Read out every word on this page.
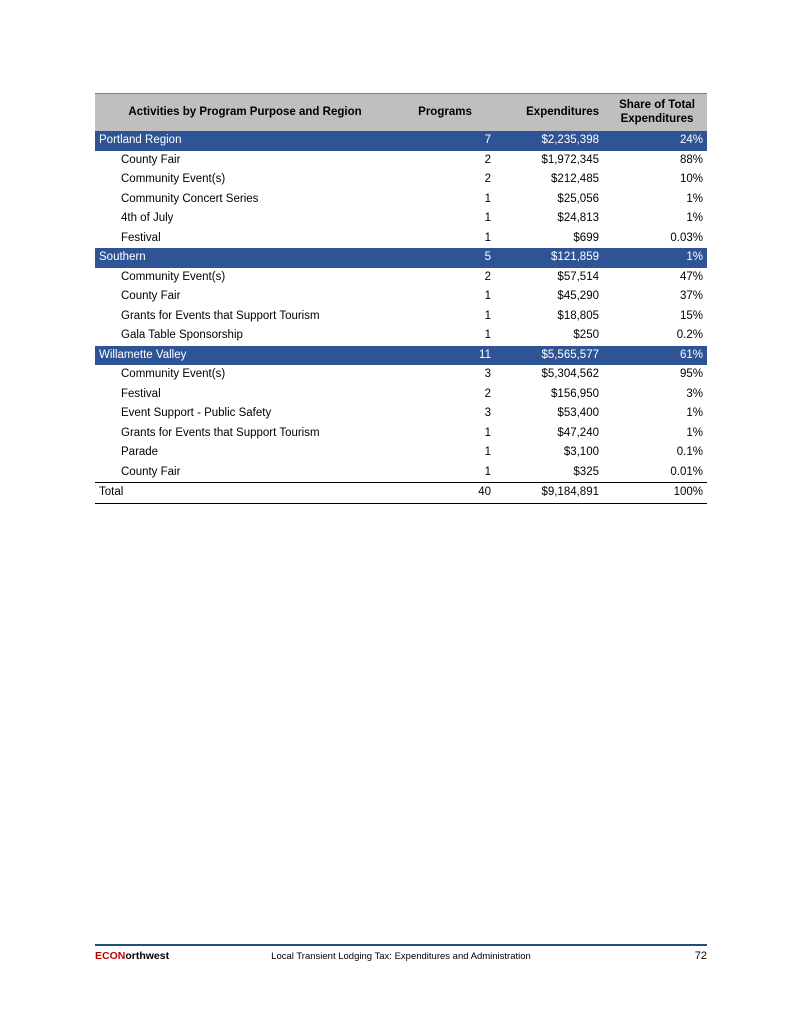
Activities by Program Purpose and Region	Programs	Expenditures	Share of Total Expenditures
Portland Region	7	$2,235,398	24%
County Fair	2	$1,972,345	88%
Community Event(s)	2	$212,485	10%
Community Concert Series	1	$25,056	1%
4th of July	1	$24,813	1%
Festival	1	$699	0.03%
Southern	5	$121,859	1%
Community Event(s)	2	$57,514	47%
County Fair	1	$45,290	37%
Grants for Events that Support Tourism	1	$18,805	15%
Gala Table Sponsorship	1	$250	0.2%
Willamette Valley	11	$5,565,577	61%
Community Event(s)	3	$5,304,562	95%
Festival	2	$156,950	3%
Event Support - Public Safety	3	$53,400	1%
Grants for Events that Support Tourism	1	$47,240	1%
Parade	1	$3,100	0.1%
County Fair	1	$325	0.01%
Total	40	$9,184,891	100%
ECONorthwest	Local Transient Lodging Tax: Expenditures and Administration	72
